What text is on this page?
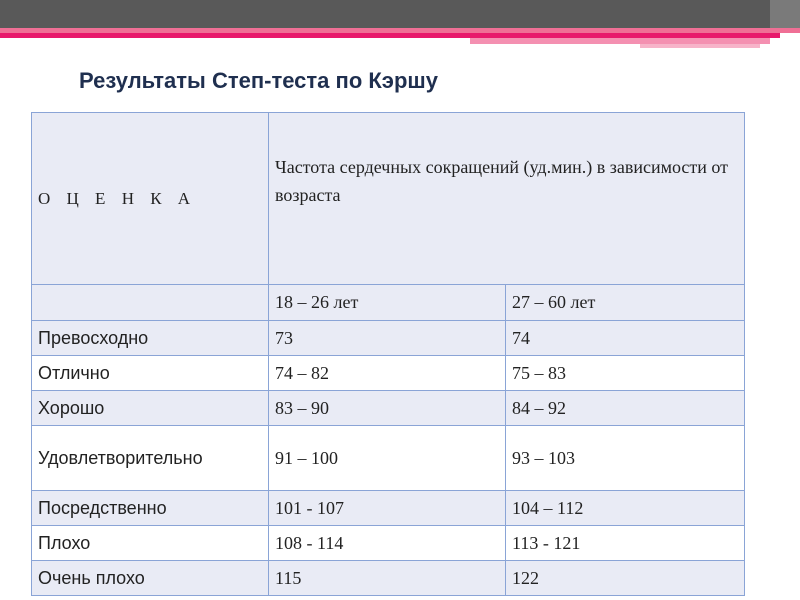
Результаты Степ-теста по Кэршу
О Ц Е Н К А	Частота сердечных сокращений (уд.мин.) в зависимости от возраста	
	18 – 26 лет	27 – 60 лет
Превосходно	73	74
Отлично	74 – 82	75 – 83
Хорошо	83 – 90	84 – 92
Удовлетворительно	91 – 100	93 – 103
Посредственно	101 - 107	104 – 112
Плохо	108 - 114	113 - 121
Очень плохо	115	122
